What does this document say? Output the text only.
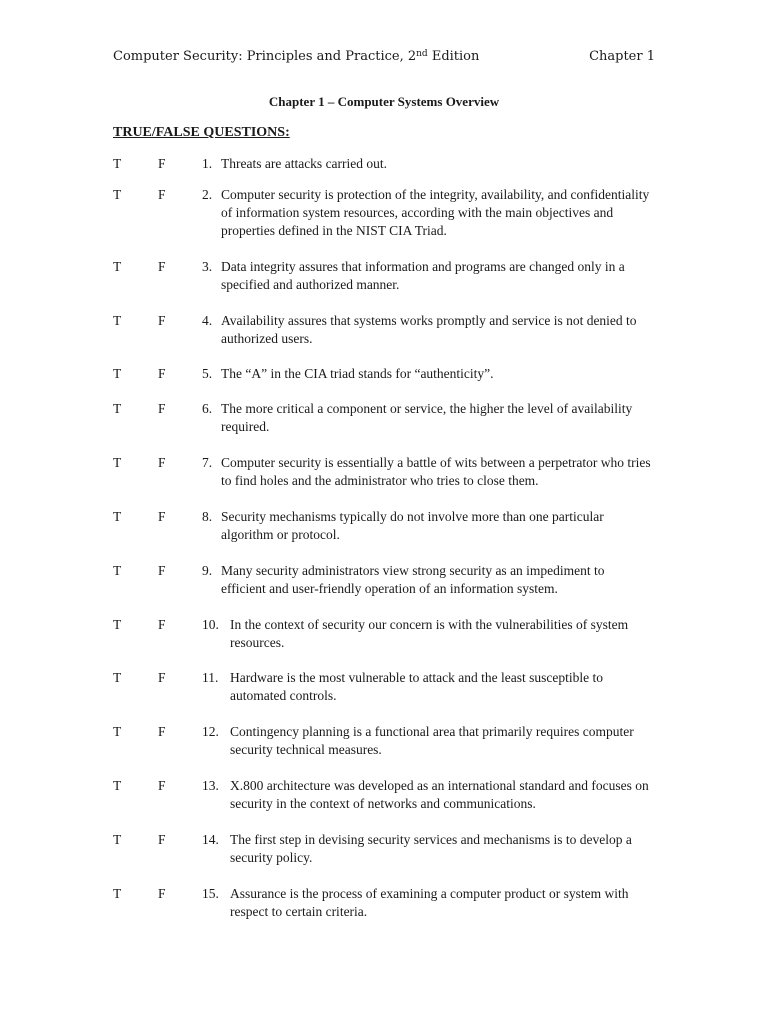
Computer Security: Principles and Practice, 2nd Edition	Chapter 1
Chapter 1 – Computer Systems Overview
TRUE/FALSE QUESTIONS:
T	F	1. Threats are attacks carried out.
T	F	2. Computer security is protection of the integrity, availability, and confidentiality of information system resources, according with the main objectives and properties defined in the NIST CIA Triad.
T	F	3. Data integrity assures that information and programs are changed only in a specified and authorized manner.
T	F	4. Availability assures that systems works promptly and service is not denied to authorized users.
T	F	5. The “A” in the CIA triad stands for “authenticity”.
T	F	6. The more critical a component or service, the higher the level of availability required.
T	F	7. Computer security is essentially a battle of wits between a perpetrator who tries to find holes and the administrator who tries to close them.
T	F	8. Security mechanisms typically do not involve more than one particular algorithm or protocol.
T	F	9. Many security administrators view strong security as an impediment to efficient and user-friendly operation of an information system.
T	F	10. In the context of security our concern is with the vulnerabilities of system resources.
T	F	11. Hardware is the most vulnerable to attack and the least susceptible to automated controls.
T	F	12. Contingency planning is a functional area that primarily requires computer security technical measures.
T	F	13. X.800 architecture was developed as an international standard and focuses on security in the context of networks and communications.
T	F	14. The first step in devising security services and mechanisms is to develop a security policy.
T	F	15. Assurance is the process of examining a computer product or system with respect to certain criteria.
